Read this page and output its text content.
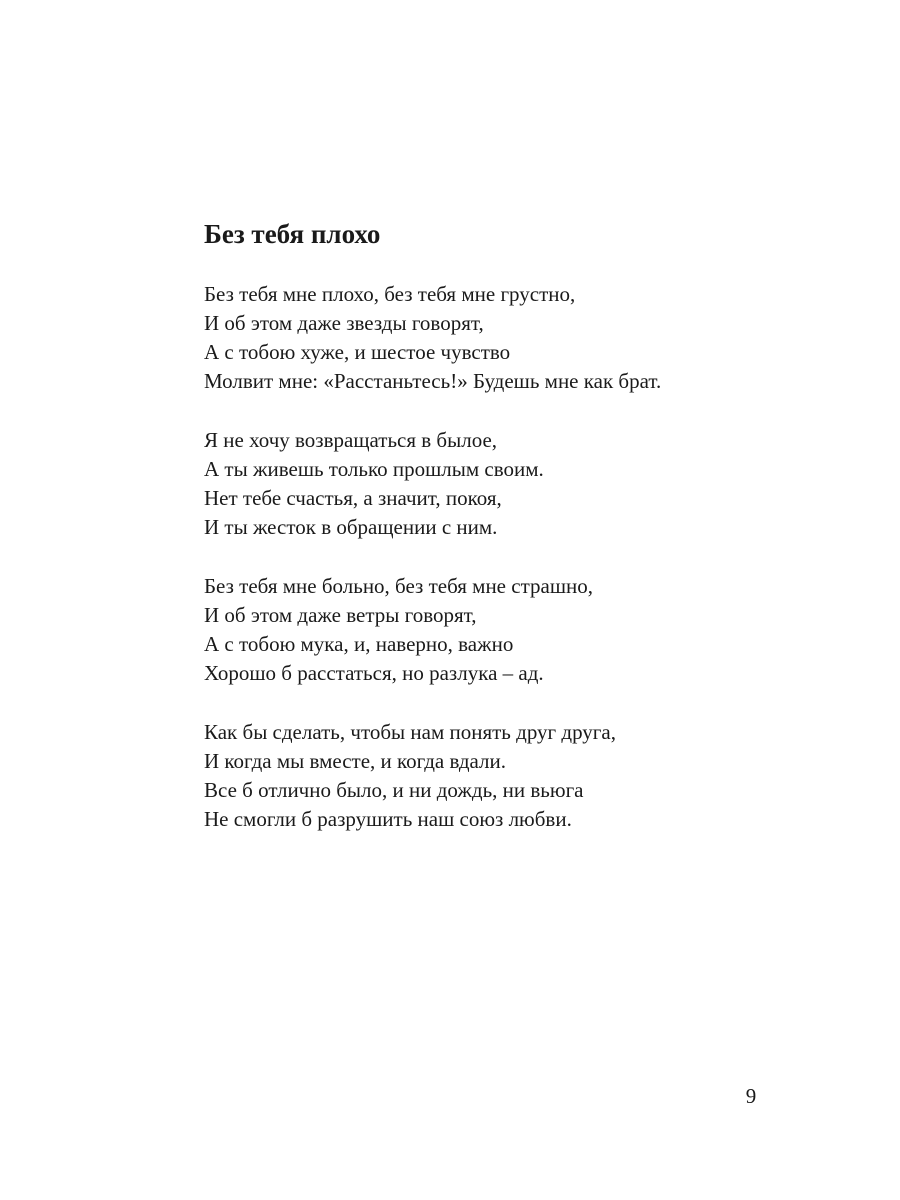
Без тебя плохо
Без тебя мне плохо, без тебя мне грустно,
И об этом даже звезды говорят,
А с тобою хуже, и шестое чувство
Молвит мне: «Расстаньтесь!» Будешь мне как брат.
Я не хочу возвращаться в былое,
А ты живешь только прошлым своим.
Нет тебе счастья, а значит, покоя,
И ты жесток в обращении с ним.
Без тебя мне больно, без тебя мне страшно,
И об этом даже ветры говорят,
А с тобою мука, и, наверно, важно
Хорошо б расстаться, но разлука – ад.
Как бы сделать, чтобы нам понять друг друга,
И когда мы вместе, и когда вдали.
Все б отлично было, и ни дождь, ни вьюга
Не смогли б разрушить наш союз любви.
9
